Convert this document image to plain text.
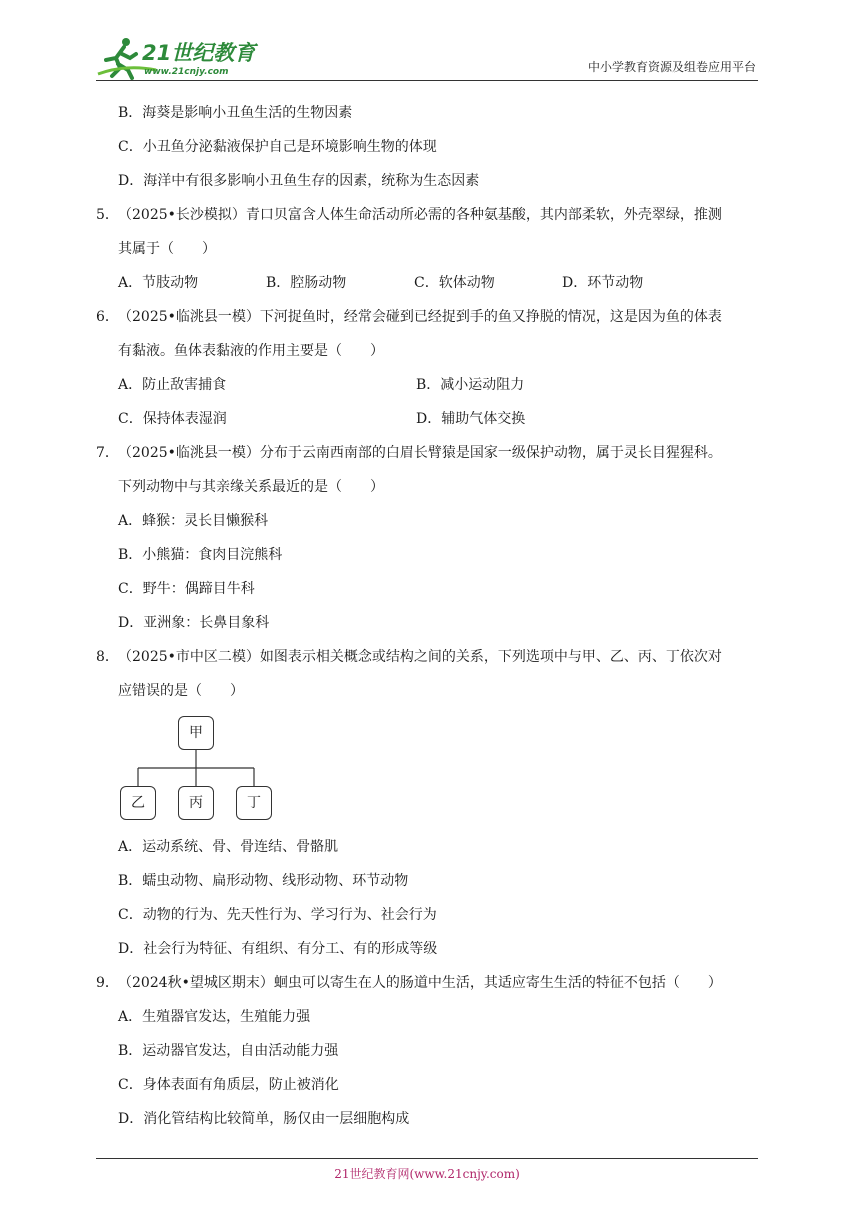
21世纪教育
www.21cnjy.com	中小学教育资源及组卷应用平台
B．海葵是影响小丑鱼生活的生物因素
C．小丑鱼分泌黏液保护自己是环境影响生物的体现
D．海洋中有很多影响小丑鱼生存的因素，统称为生态因素
5．（2025•长沙模拟）青口贝富含人体生命活动所必需的各种氨基酸，其内部柔软，外壳翠绿，推测
其属于（　　）
A．节肢动物	B．腔肠动物	C．软体动物	D．环节动物
6．（2025•临洮县一模）下河捉鱼时，经常会碰到已经捉到手的鱼又挣脱的情况，这是因为鱼的体表
有黏液。鱼体表黏液的作用主要是（　　）
A．防止敌害捕食	B．减小运动阻力
C．保持体表湿润	D．辅助气体交换
7．（2025•临洮县一模）分布于云南西南部的白眉长臂猿是国家一级保护动物，属于灵长目猩猩科。
下列动物中与其亲缘关系最近的是（　　）
A．蜂猴：灵长目懒猴科
B．小熊猫：食肉目浣熊科
C．野牛：偶蹄目牛科
D．亚洲象：长鼻目象科
8．（2025•市中区二模）如图表示相关概念或结构之间的关系，下列选项中与甲、乙、丙、丁依次对
应错误的是（　　）
甲
乙	丙	丁
A．运动系统、骨、骨连结、骨骼肌
B．蠕虫动物、扁形动物、线形动物、环节动物
C．动物的行为、先天性行为、学习行为、社会行为
D．社会行为特征、有组织、有分工、有的形成等级
9．（2024秋•望城区期末）蛔虫可以寄生在人的肠道中生活，其适应寄生生活的特征不包括（　　）
A．生殖器官发达，生殖能力强
B．运动器官发达，自由活动能力强
C．身体表面有角质层，防止被消化
D．消化管结构比较简单，肠仅由一层细胞构成
21世纪教育网(www.21cnjy.com)
